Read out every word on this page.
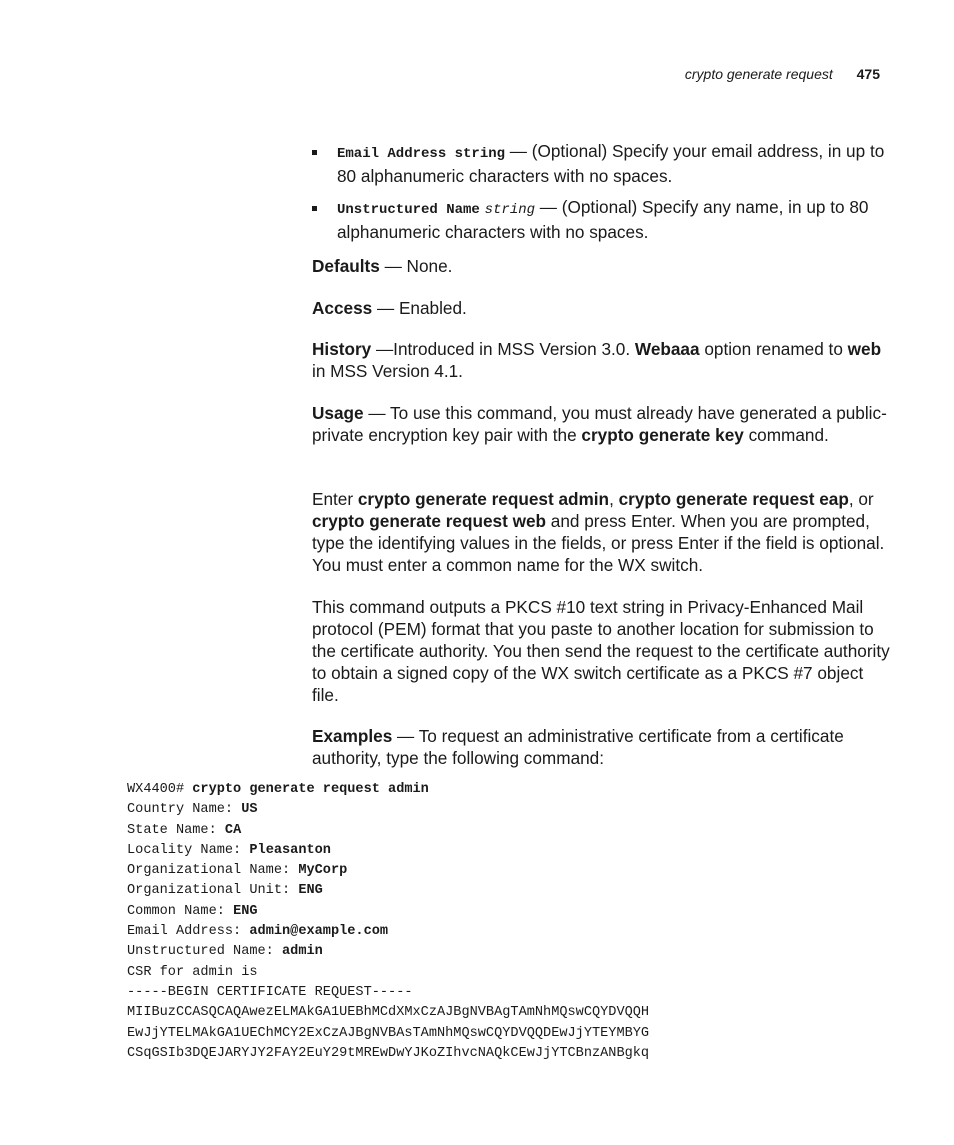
crypto generate request 475
Email Address string — (Optional) Specify your email address, in up to 80 alphanumeric characters with no spaces.
Unstructured Name string — (Optional) Specify any name, in up to 80 alphanumeric characters with no spaces.

Defaults — None.

Access — Enabled.

History —Introduced in MSS Version 3.0. Webaaa option renamed to web in MSS Version 4.1.

Usage — To use this command, you must already have generated a public-private encryption key pair with the crypto generate key command.

Enter crypto generate request admin, crypto generate request eap, or crypto generate request web and press Enter. When you are prompted, type the identifying values in the fields, or press Enter if the field is optional. You must enter a common name for the WX switch.

This command outputs a PKCS #10 text string in Privacy-Enhanced Mail protocol (PEM) format that you paste to another location for submission to the certificate authority. You then send the request to the certificate authority to obtain a signed copy of the WX switch certificate as a PKCS #7 object file.

Examples — To request an administrative certificate from a certificate authority, type the following command:

WX4400# crypto generate request admin
Country Name: US
State Name: CA
Locality Name: Pleasanton
Organizational Name: MyCorp
Organizational Unit: ENG
Common Name: ENG
Email Address: admin@example.com
Unstructured Name: admin
CSR for admin is
-----BEGIN CERTIFICATE REQUEST-----
MIIBuzCCASQCAQAwezELMAkGA1UEBhMCdXMxCzAJBgNVBAgTAmNhMQswCQYDVQQH
EwJjYTELMAkGA1UEChMCY2ExCzAJBgNVBAsTAmNhMQswCQYDVQQDEwJjYTEYMBYG
CSqGSIb3DQEJARYJY2FAY2EuY29tMREwDwYJKoZIhvcNAQkCEwJjYTCBnzANBgkq
